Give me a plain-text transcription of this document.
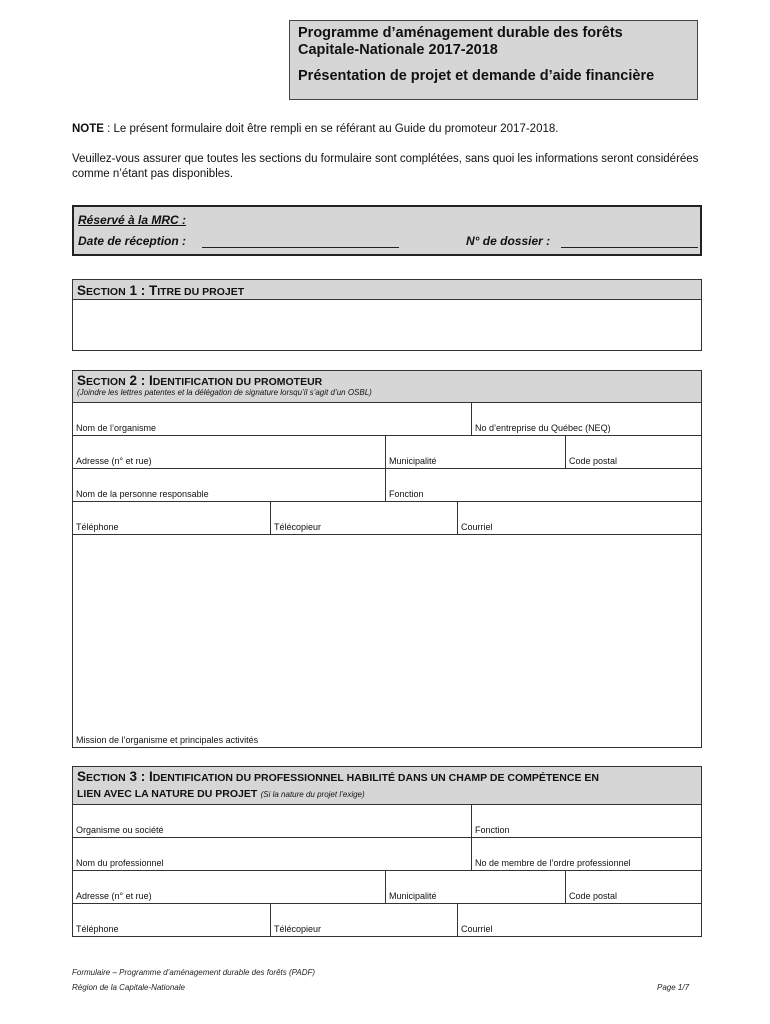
Programme d’aménagement durable des forêts
Capitale-Nationale 2017-2018
Présentation de projet et demande d’aide financière
NOTE : Le présent formulaire doit être rempli en se référant au Guide du promoteur 2017-2018.
Veuillez-vous assurer que toutes les sections du formulaire sont complétées, sans quoi les informations seront considérées comme n’étant pas disponibles.
Réservé à la MRC :
Date de réception :	N° de dossier :
SECTION 1 : TITRE DU PROJET
SECTION 2 : IDENTIFICATION DU PROMOTEUR
(Joindre les lettres patentes et la délégation de signature lorsqu’il s’agit d’un OSBL)
Nom de l’organisme	No d’entreprise du Québec (NEQ)
Adresse (n° et rue)	Municipalité	Code postal
Nom de la personne responsable	Fonction
Téléphone	Télécopieur	Courriel
Mission de l’organisme et principales activités
SECTION 3 : IDENTIFICATION DU PROFESSIONNEL HABILITÉ DANS UN CHAMP DE COMPÉTENCE EN
LIEN AVEC LA NATURE DU PROJET (Si la nature du projet l’exige)
Organisme ou société	Fonction
Nom du professionnel	No de membre de l’ordre professionnel
Adresse (n° et rue)	Municipalité	Code postal
Téléphone	Télécopieur	Courriel
Formulaire – Programme d’aménagement durable des forêts (PADF)
Région de la Capitale-Nationale	Page 1/7
